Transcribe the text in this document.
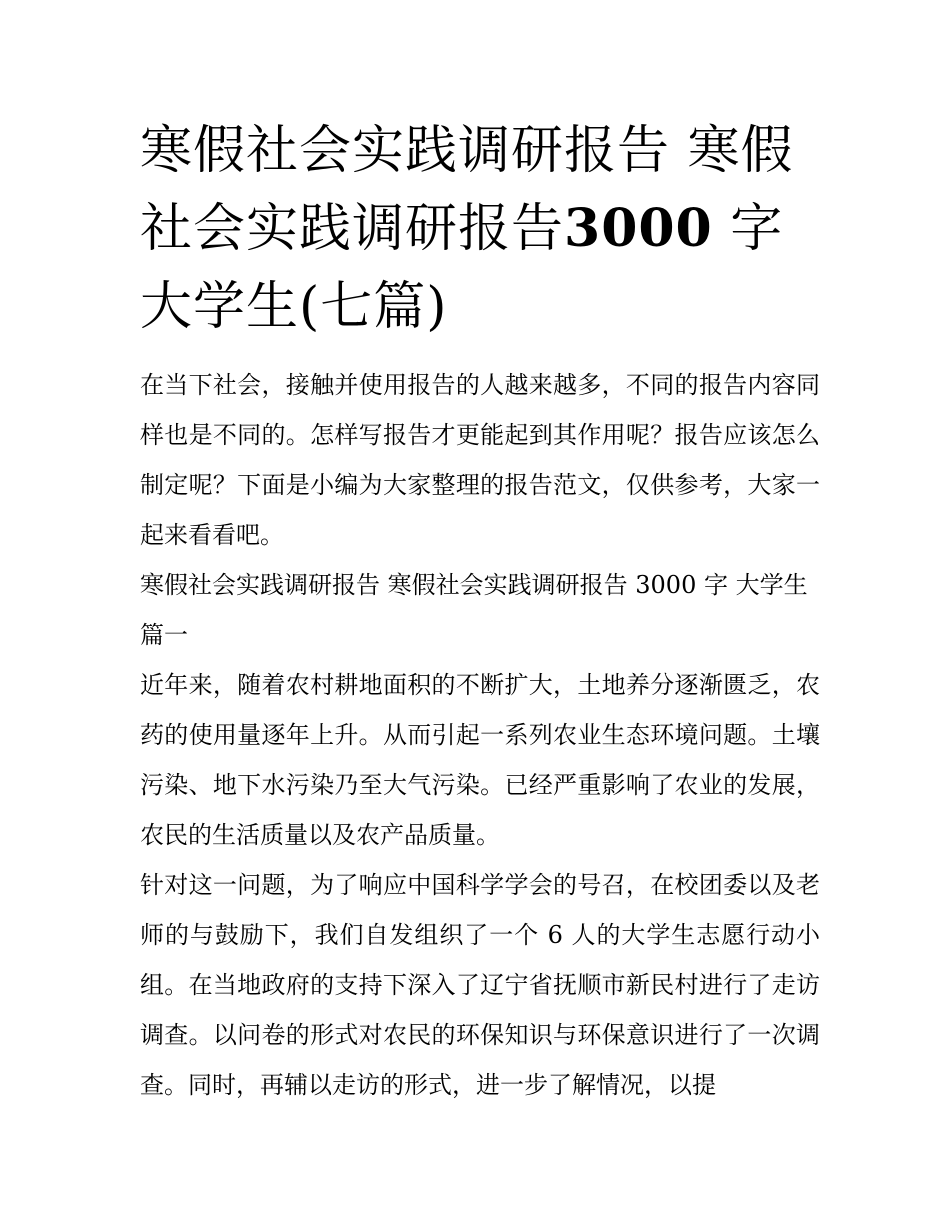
寒假社会实践调研报告 寒假社会实践调研报告3000 字 大学生(七篇)

在当下社会，接触并使用报告的人越来越多，不同的报告内容同样也是不同的。怎样写报告才更能起到其作用呢？报告应该怎么制定呢？下面是小编为大家整理的报告范文，仅供参考，大家一起来看看吧。

寒假社会实践调研报告 寒假社会实践调研报告 3000 字 大学生

篇一

近年来，随着农村耕地面积的不断扩大，土地养分逐渐匮乏，农药的使用量逐年上升。从而引起一系列农业生态环境问题。土壤污染、地下水污染乃至大气污染。已经严重影响了农业的发展，农民的生活质量以及农产品质量。

针对这一问题，为了响应中国科学学会的号召，在校团委以及老师的与鼓励下，我们自发组织了一个 6 人的大学生志愿行动小组。在当地政府的支持下深入了辽宁省抚顺市新民村进行了走访调查。以问卷的形式对农民的环保知识与环保意识进行了一次调查。同时，再辅以走访的形式，进一步了解情况，以提
